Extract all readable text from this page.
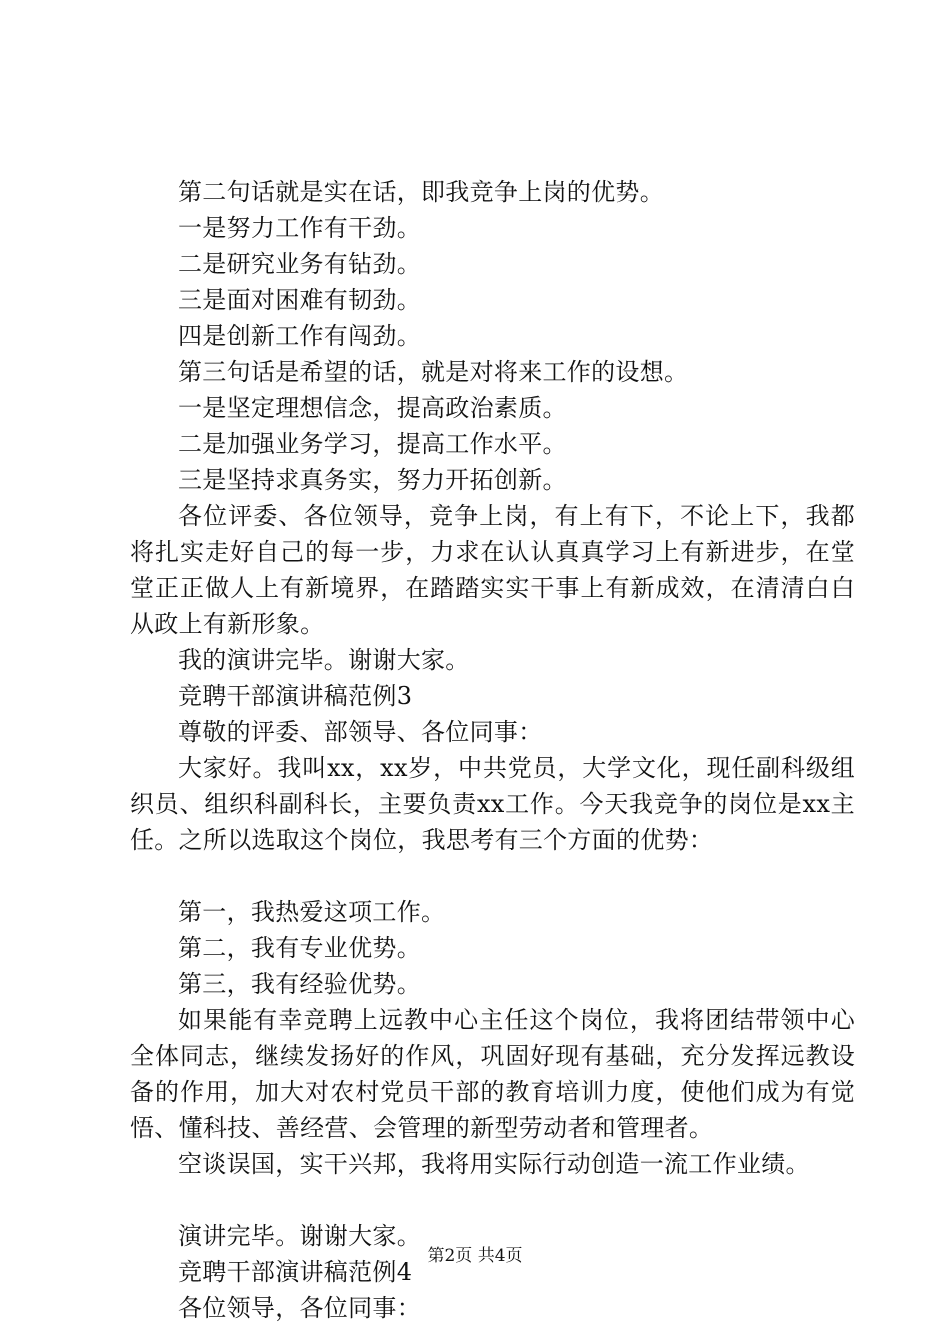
第二句话就是实在话，即我竞争上岗的优势。

一是努力工作有干劲。

二是研究业务有钻劲。

三是面对困难有韧劲。

四是创新工作有闯劲。

第三句话是希望的话，就是对将来工作的设想。

一是坚定理想信念，提高政治素质。

二是加强业务学习，提高工作水平。

三是坚持求真务实，努力开拓创新。

各位评委、各位领导，竞争上岗，有上有下，不论上下，我都将扎实走好自己的每一步，力求在认认真真学习上有新进步，在堂堂正正做人上有新境界，在踏踏实实干事上有新成效，在清清白白从政上有新形象。

我的演讲完毕。谢谢大家。

竞聘干部演讲稿范例3

尊敬的评委、部领导、各位同事：

大家好。我叫xx，xx岁，中共党员，大学文化，现任副科级组织员、组织科副科长，主要负责xx工作。今天我竞争的岗位是xx主任。之所以选取这个岗位，我思考有三个方面的优势：

第一，我热爱这项工作。

第二，我有专业优势。

第三，我有经验优势。

如果能有幸竞聘上远教中心主任这个岗位，我将团结带领中心全体同志，继续发扬好的作风，巩固好现有基础，充分发挥远教设备的作用，加大对农村党员干部的教育培训力度，使他们成为有觉悟、懂科技、善经营、会管理的新型劳动者和管理者。

空谈误国，实干兴邦，我将用实际行动创造一流工作业绩。

演讲完毕。谢谢大家。

竞聘干部演讲稿范例4

各位领导，各位同事：

第2页 共4页
